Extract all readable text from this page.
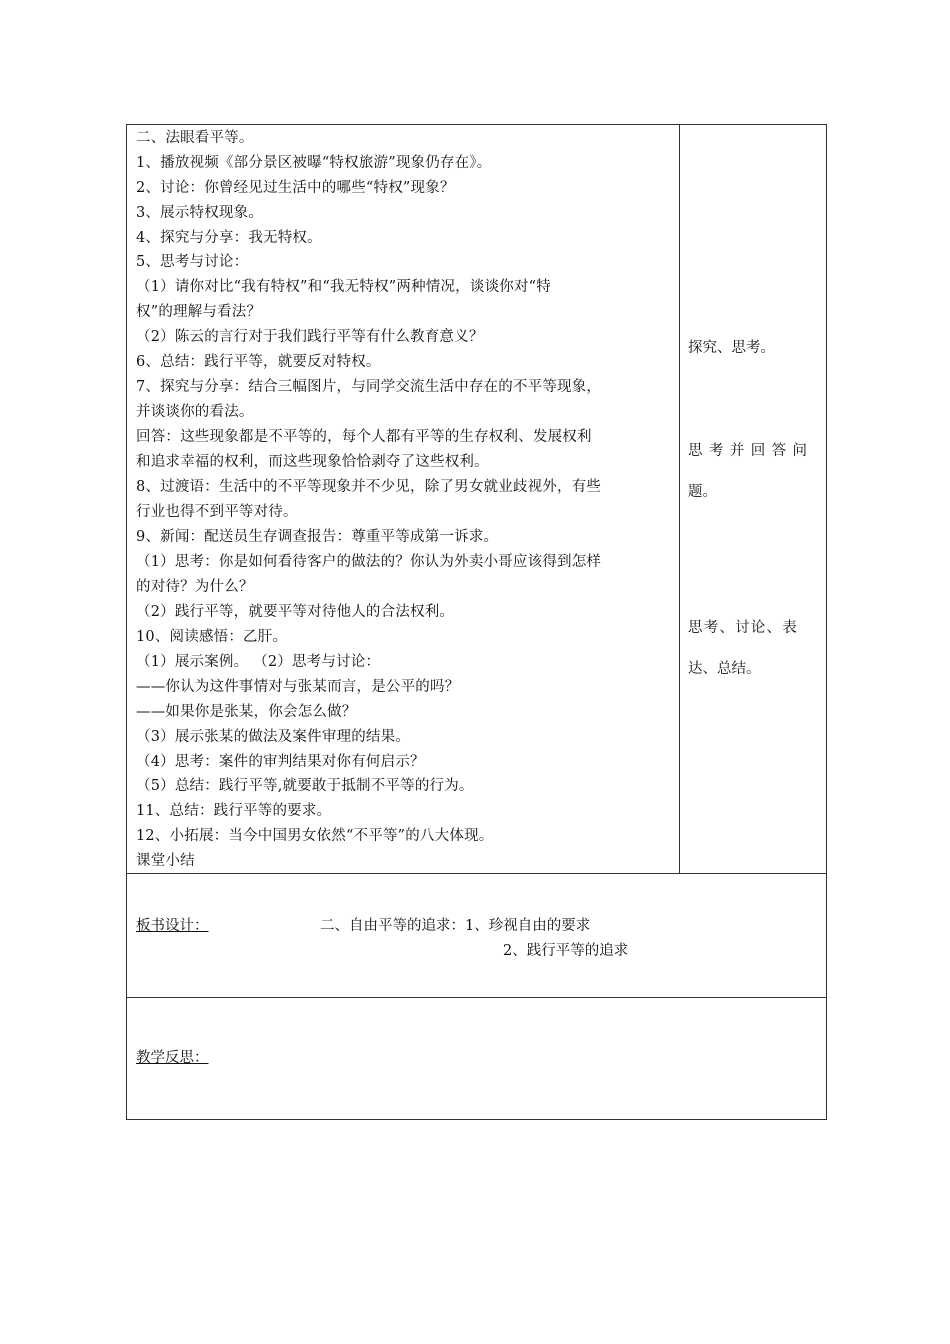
二、法眼看平等。
1、播放视频《部分景区被曝“特权旅游”现象仍存在》。
2、讨论：你曾经见过生活中的哪些“特权”现象？
3、展示特权现象。
4、探究与分享：我无特权。
5、思考与讨论：
（1）请你对比“我有特权”和“我无特权”两种情况，谈谈你对“特
权”的理解与看法？
（2）陈云的言行对于我们践行平等有什么教育意义？
6、总结：践行平等，就要反对特权。
7、探究与分享：结合三幅图片，与同学交流生活中存在的不平等现象，
并谈谈你的看法。
回答：这些现象都是不平等的，每个人都有平等的生存权利、发展权利
和追求幸福的权利，而这些现象恰恰剥夺了这些权利。
8、过渡语：生活中的不平等现象并不少见，除了男女就业歧视外，有些
行业也得不到平等对待。
9、新闻：配送员生存调查报告：尊重平等成第一诉求。
（1）思考：你是如何看待客户的做法的？你认为外卖小哥应该得到怎样
的对待？为什么？
（2）践行平等，就要平等对待他人的合法权利。
10、阅读感悟：乙肝。
（1）展示案例。 （2）思考与讨论：
——你认为这件事情对与张某而言，是公平的吗？
——如果你是张某，你会怎么做？
（3）展示张某的做法及案件审理的结果。
（4）思考：案件的审判结果对你有何启示？
（5）总结：践行平等,就要敢于抵制不平等的行为。
11、总结：践行平等的要求。
12、小拓展：当今中国男女依然“不平等”的八大体现。
课堂小结
探究、思考。
思考并回答问
题。
思考、讨论、表
达、总结。
板书设计：	二、自由平等的追求：1、珍视自由的要求
2、践行平等的追求
教学反思：
